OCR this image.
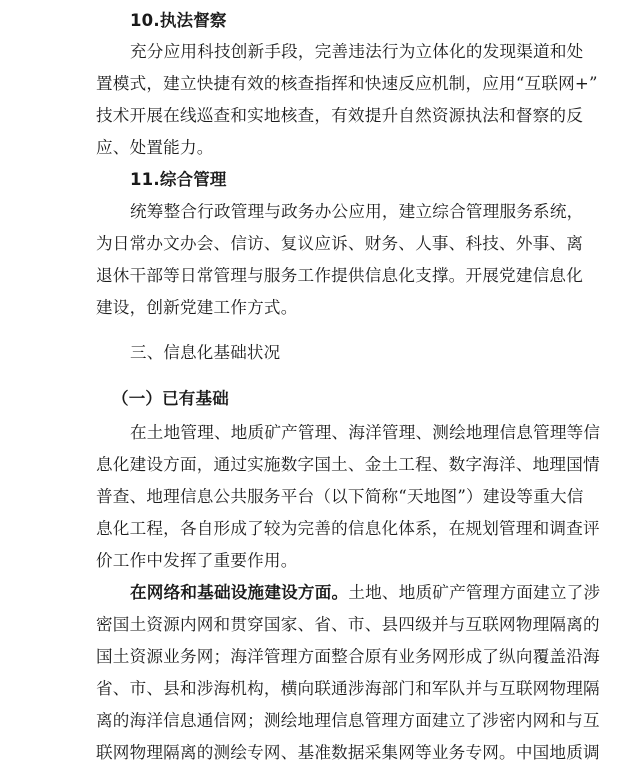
10.执法督察
充分应用科技创新手段，完善违法行为立体化的发现渠道和处
置模式，建立快捷有效的核查指挥和快速反应机制，应用“互联网+”
技术开展在线巡查和实地核查，有效提升自然资源执法和督察的反
应、处置能力。
11.综合管理
统筹整合行政管理与政务办公应用，建立综合管理服务系统，
为日常办文办会、信访、复议应诉、财务、人事、科技、外事、离
退休干部等日常管理与服务工作提供信息化支撑。开展党建信息化
建设，创新党建工作方式。
三、信息化基础状况
（一）已有基础
在土地管理、地质矿产管理、海洋管理、测绘地理信息管理等信
息化建设方面，通过实施数字国土、金土工程、数字海洋、地理国情
普查、地理信息公共服务平台（以下简称“天地图”）建设等重大信
息化工程，各自形成了较为完善的信息化体系，在规划管理和调查评
价工作中发挥了重要作用。
在网络和基础设施建设方面。土地、地质矿产管理方面建立了涉
密国土资源内网和贯穿国家、省、市、县四级并与互联网物理隔离的
国土资源业务网；海洋管理方面整合原有业务网形成了纵向覆盖沿海
省、市、县和涉海机构，横向联通涉海部门和军队并与互联网物理隔
离的海洋信息通信网；测绘地理信息管理方面建立了涉密内网和与互
联网物理隔离的测绘专网、基准数据采集网等业务专网。中国地质调
